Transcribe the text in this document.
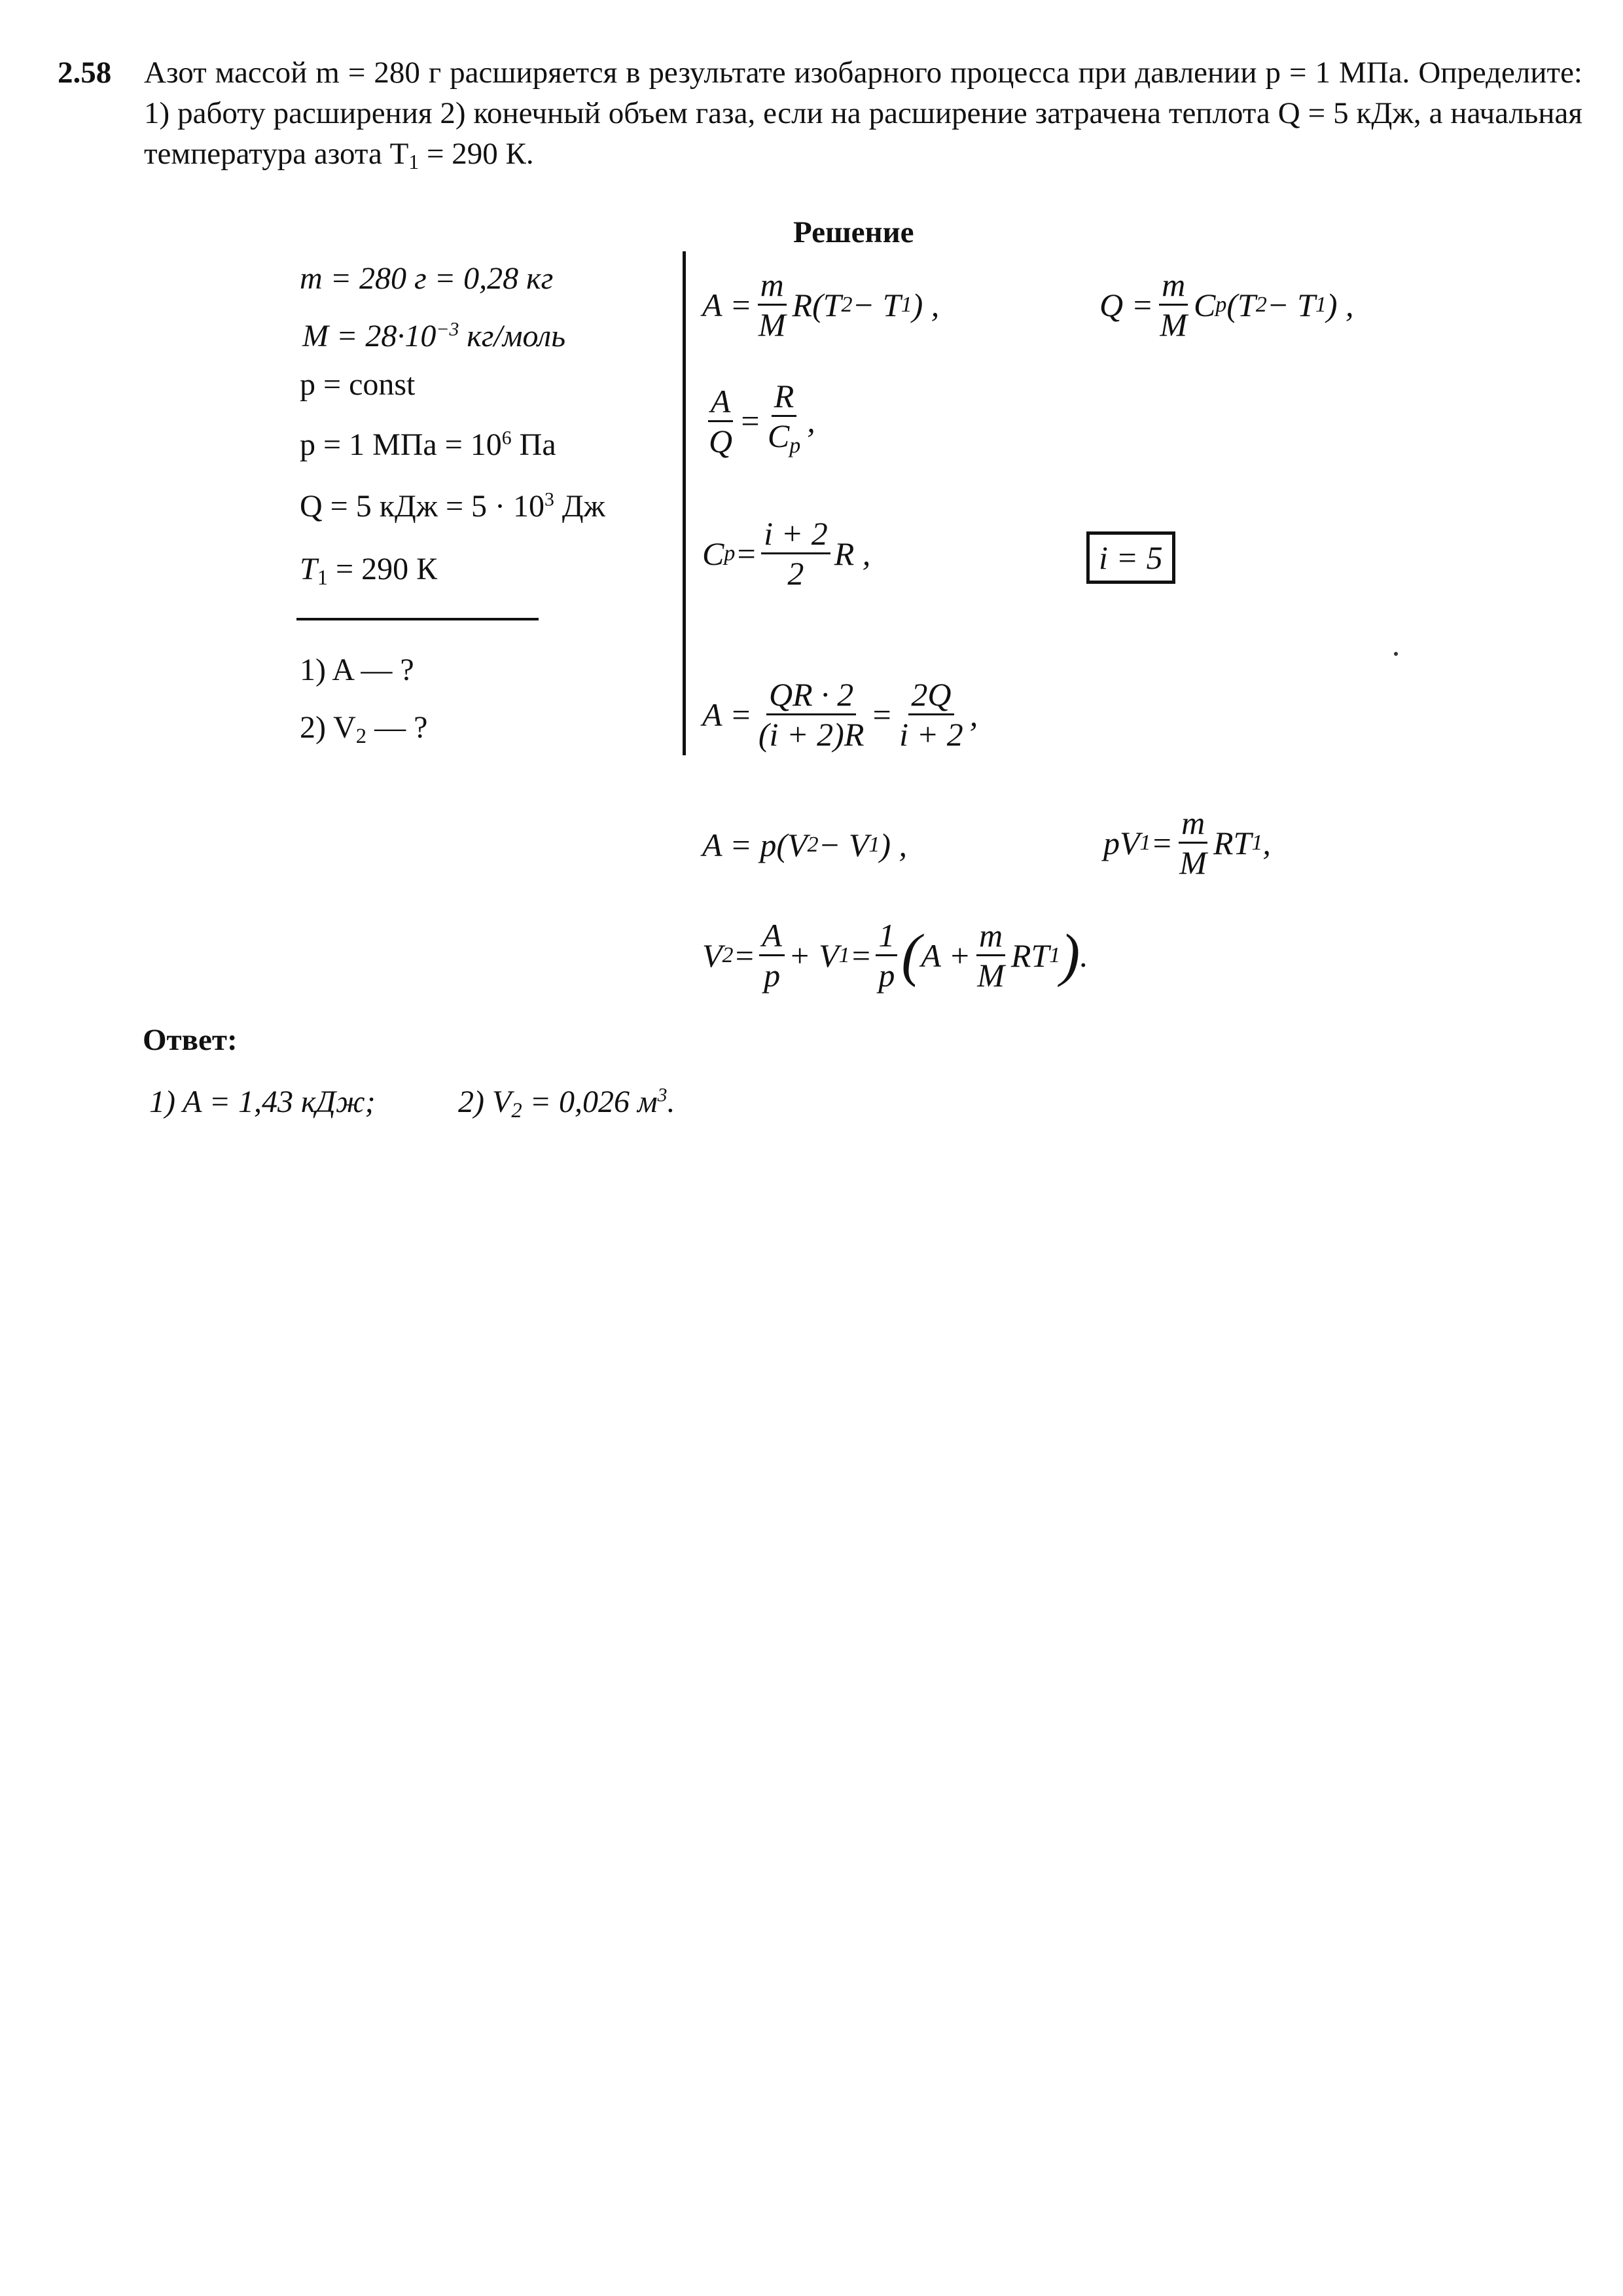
2.58 Азот массой m = 280 г расширяется в результате изобарного процесса при давлении p = 1 МПа. Определите: 1) работу расширения 2) конечный объем газа, если на расширение затрачена теплота Q = 5 кДж, а начальная температура азота $T_1 = 290$ К.
Решение
m = 280 г = 0,28 кг
$M = 28\cdot 10^{-3}$ кг/моль
p = const
p = 1 МПа = $10^6$ Па
Q = 5 кДж = $5 \cdot 10^3$ Дж
$T_1 = 290$ К
1) A — ?
2) $V_2$ — ?
$A = \frac{m}{M} R(T$ 2 − T 1 ) ,	$Q = \frac{m}{M}$ C p (T 2 − T 1 ) ,
$\frac{A}{Q} = \frac{R}{C_p}$ ,
C $p = \frac{i + 2}{2}$ R ,	i = 5
$A = \frac{QR \cdot 2}{(i + 2)R} = \frac{2Q}{i + 2}$ ,
A = p(V 2 − V 1 ) ,	pV $1 = \frac{m}{M}$ RT 1 ,
V $2 = \frac{A}{p} + V$ $1 = \frac{1}{p}$ ( $A + \frac{m}{M}$ RT 1 ) .
Ответ:
1) A = 1,43 кДж;	2) $V_2 = 0,026$ $м^3$.
